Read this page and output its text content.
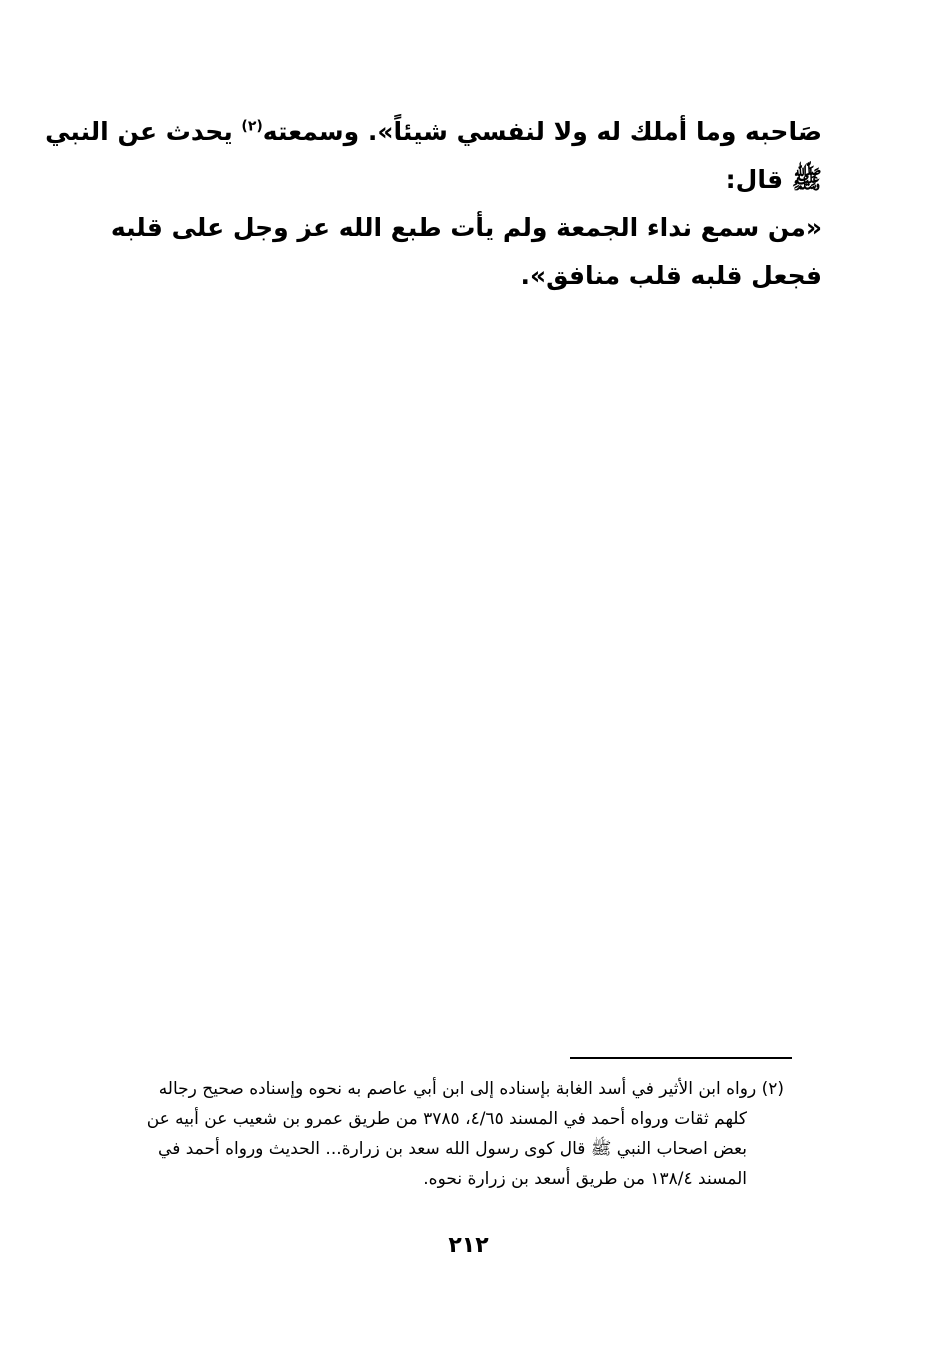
صَاحبه وما أملك له ولا لنفسي شيئاً». وسمعته$^{(٢)}$ يحدث عن النبي
ﷺ قال:
«من سمع نداء الجمعة ولم يأت طبع الله عز وجل على قلبه
فجعل قلبه قلب منافق».
(٢) رواه ابن الأثير في أسد الغابة بإسناده إلى ابن أبي عاصم به نحوه وإسناده صحيح رجاله
كلهم ثقات ورواه أحمد في المسند ٤/٦٥، ٣٧٨٥ من طريق عمرو بن شعيب عن أبيه عن
بعض اصحاب النبي ﷺ قال كوى رسول الله سعد بن زرارة... الحديث ورواه أحمد في
المسند ١٣٨/٤ من طريق أسعد بن زرارة نحوه.
٢١٢
